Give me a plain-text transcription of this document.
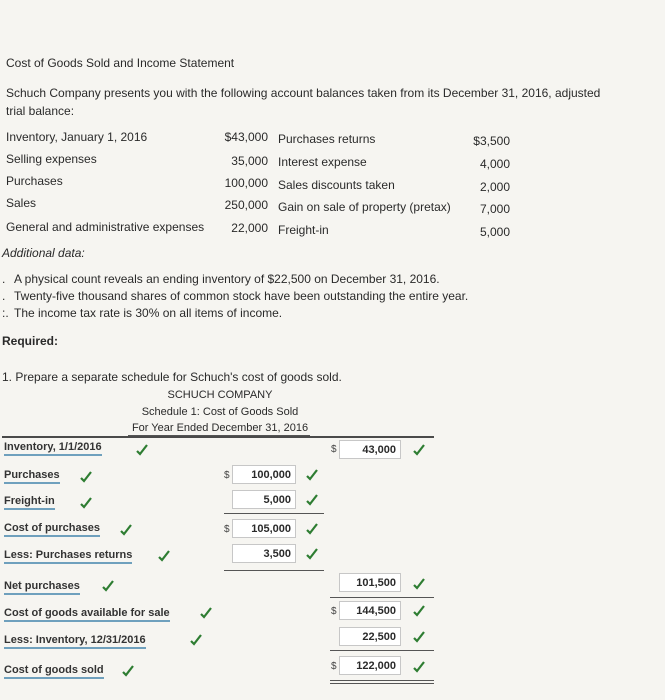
Cost of Goods Sold and Income Statement
Schuch Company presents you with the following account balances taken from its December 31, 2016, adjusted
trial balance:
Inventory, January 1, 2016	$43,000 Purchases returns	$3,500
Selling expenses	35,000 Interest expense	4,000
Purchases	100,000 Sales discounts taken	2,000
Sales	250,000 Gain on sale of property (pretax)	7,000
General and administrative expenses	22,000 Freight-in	5,000
Additional data:
. A physical count reveals an ending inventory of $22,500 on December 31, 2016.
. Twenty-five thousand shares of common stock have been outstanding the entire year.
:. The income tax rate is 30% on all items of income.
Required:
1. Prepare a separate schedule for Schuch's cost of goods sold.
SCHUCH COMPANY
Schedule 1: Cost of Goods Sold
For Year Ended December 31, 2016
Inventory, 1/1/2016	$	43,000
Purchases	$	100,000
Freight-in	5,000
Cost of purchases	$	105,000
Less: Purchases returns	3,500
Net purchases	101,500
Cost of goods available for sale	$	144,500
Less: Inventory, 12/31/2016	22,500
Cost of goods sold	$	122,000
